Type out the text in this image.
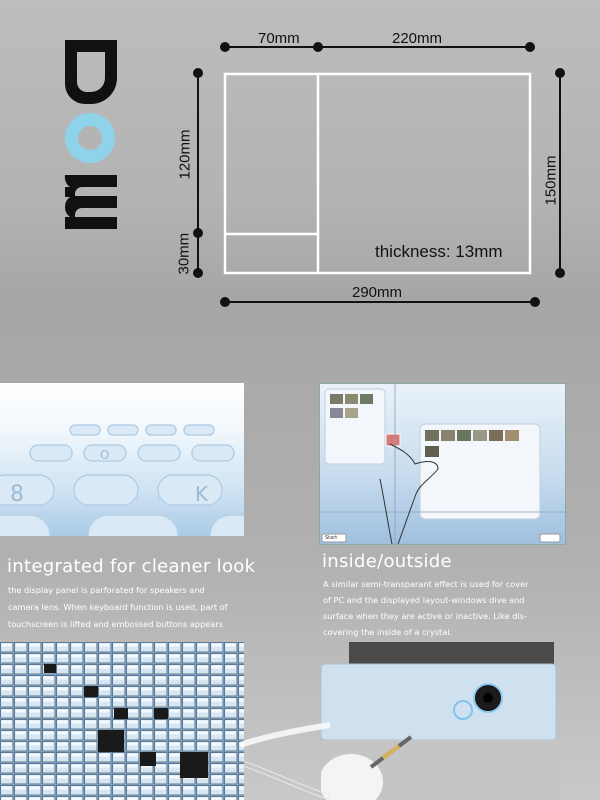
70mm	220mm
120mm
30mm
150mm
290mm
thickness: 13mm
8
O
K
Start
integrated for cleaner look
the display panel is parforated for speakers and
camera lens. When keyboard function is used, part of
touchscreen is lifted and embossed buttons appears
inside/outside
A similar semi-transparant effect is used for cover
of PC and the displayed layout-windows dive and
surface when they are active or inactive. Like dis-
covering the inside of a crystal.
